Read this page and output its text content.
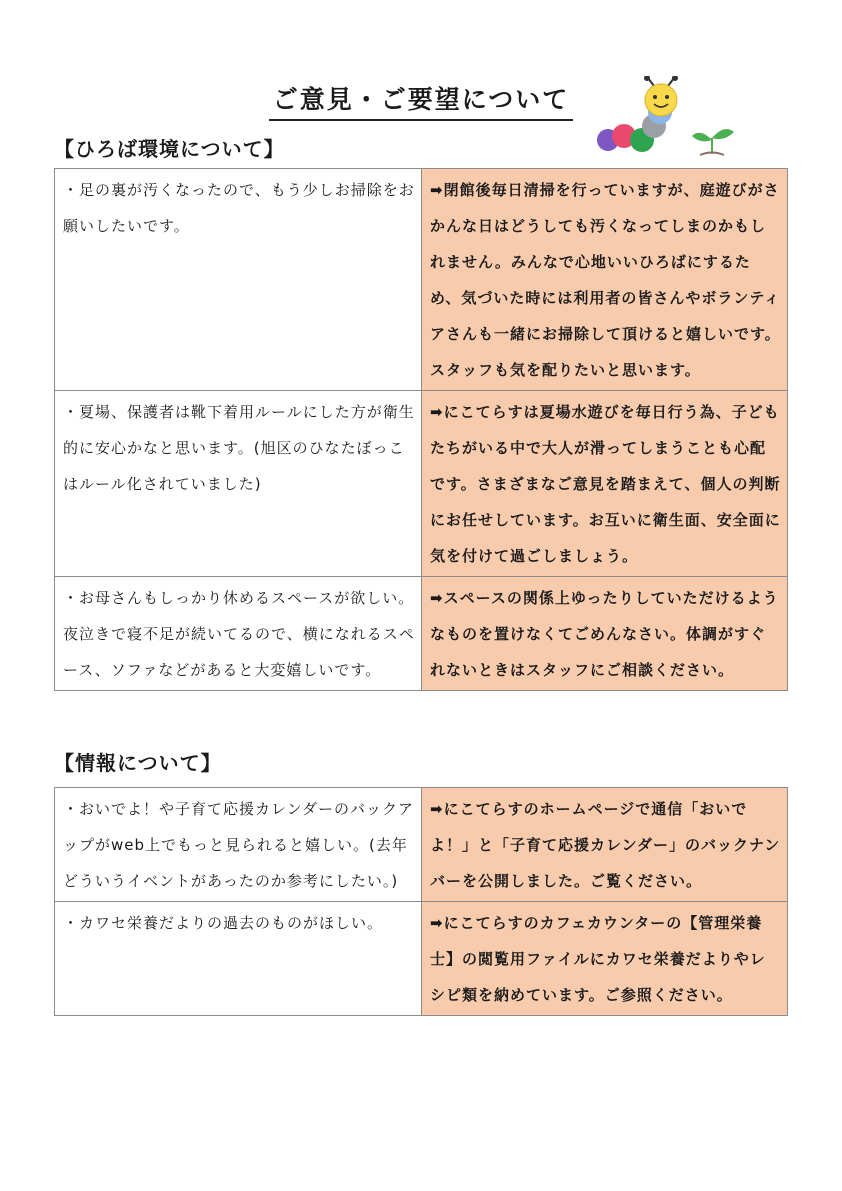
ご意見・ご要望について
【ひろば環境について】
・足の裏が汚くなったので、もう少しお掃除をお願いしたいです。	➡閉館後毎日清掃を行っていますが、庭遊びがさかんな日はどうしても汚くなってしまのかもしれません。みんなで心地いいひろばにするため、気づいた時には利用者の皆さんやボランティアさんも一緒にお掃除して頂けると嬉しいです。スタッフも気を配りたいと思います。
・夏場、保護者は靴下着用ルールにした方が衛生的に安心かなと思います。(旭区のひなたぼっこはルール化されていました)	➡にこてらすは夏場水遊びを毎日行う為、子どもたちがいる中で大人が滑ってしまうことも心配です。さまざまなご意見を踏まえて、個人の判断にお任せしています。お互いに衛生面、安全面に気を付けて過ごしましょう。
・お母さんもしっかり休めるスペースが欲しい。夜泣きで寝不足が続いてるので、横になれるスペース、ソファなどがあると大変嬉しいです。	➡スペースの関係上ゆったりしていただけるようなものを置けなくてごめんなさい。体調がすぐれないときはスタッフにご相談ください。
【情報について】
・おいでよ！や子育て応援カレンダーのバックアップがweb上でもっと見られると嬉しい。(去年どういうイベントがあったのか参考にしたい。)	➡にこてらすのホームページで通信「おいでよ！」と「子育て応援カレンダー」のバックナンバーを公開しました。ご覧ください。
・カワセ栄養だよりの過去のものがほしい。	➡にこてらすのカフェカウンターの【管理栄養士】の閲覧用ファイルにカワセ栄養だよりやレシピ類を納めています。ご参照ください。
